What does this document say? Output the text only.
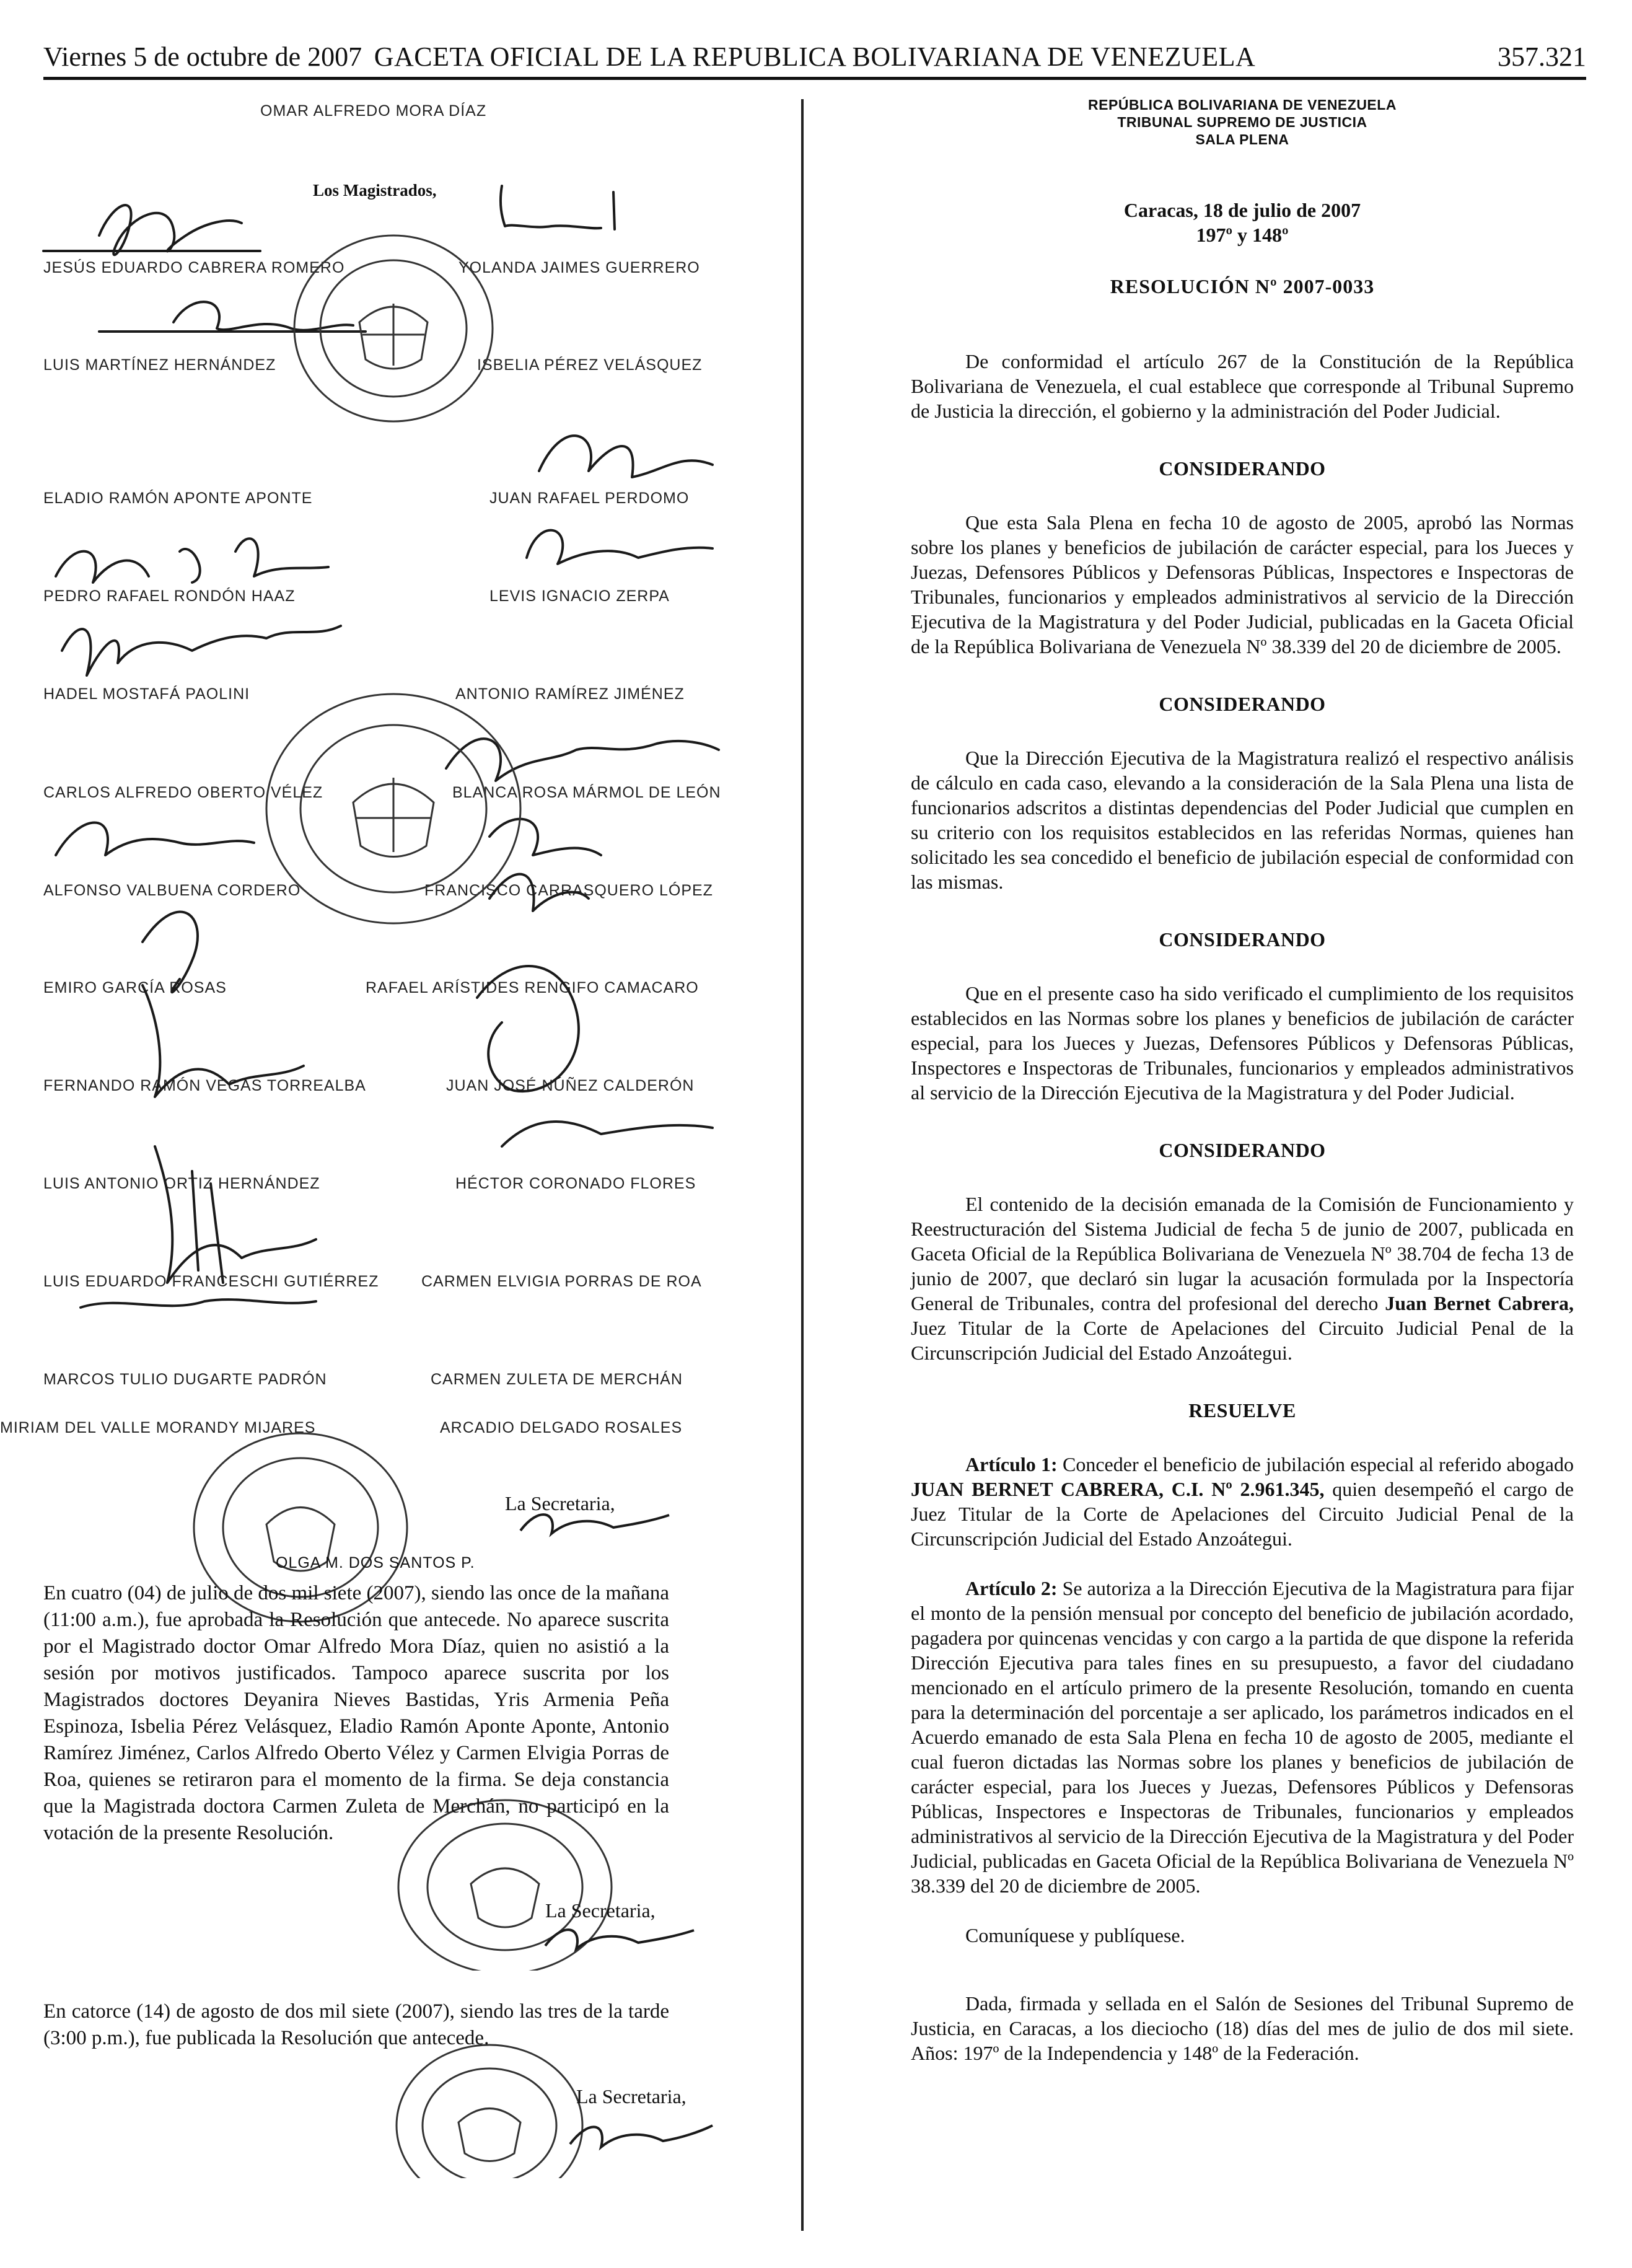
Viernes 5 de octubre de 2007 GACETA OFICIAL DE LA REPUBLICA BOLIVARIANA DE VENEZUELA	357.321
OMAR ALFREDO MORA DÍAZ
Los Magistrados,
JESÚS EDUARDO CABRERA ROMERO	YOLANDA JAIMES GUERRERO
LUIS MARTÍNEZ HERNÁNDEZ	ISBELIA PÉREZ VELÁSQUEZ
ELADIO RAMÓN APONTE APONTE	JUAN RAFAEL PERDOMO
PEDRO RAFAEL RONDÓN HAAZ	LEVIS IGNACIO ZERPA
HADEL MOSTAFÁ PAOLINI	ANTONIO RAMÍREZ JIMÉNEZ
CARLOS ALFREDO OBERTO VÉLEZ	BLANCA ROSA MÁRMOL DE LEÓN
ALFONSO VALBUENA CORDERO	FRANCISCO CARRASQUERO LÓPEZ
EMIRO GARCÍA ROSAS	RAFAEL ARÍSTIDES RENGIFO CAMACARO
FERNANDO RAMÓN VEGAS TORREALBA	JUAN JOSÉ NÚÑEZ CALDERÓN
LUIS ANTONIO ORTIZ HERNÁNDEZ	HÉCTOR CORONADO FLORES
LUIS EDUARDO FRANCESCHI GUTIÉRREZ	CARMEN ELVIGIA PORRAS DE ROA
MARCOS TULIO DUGARTE PADRÓN	CARMEN ZULETA DE MERCHÁN
MIRIAM DEL VALLE MORANDY MIJARES	ARCADIO DELGADO ROSALES
La Secretaria,
OLGA M. DOS SANTOS P.
En cuatro (04) de julio de dos mil siete (2007), siendo las once de la mañana (11:00 a.m.), fue aprobada la Resolución que antecede. No aparece suscrita por el Magistrado doctor Omar Alfredo Mora Díaz, quien no asistió a la sesión por motivos justificados. Tampoco aparece suscrita por los Magistrados doctores Deyanira Nieves Bastidas, Yris Armenia Peña Espinoza, Isbelia Pérez Velásquez, Eladio Ramón Aponte Aponte, Antonio Ramírez Jiménez, Carlos Alfredo Oberto Vélez y Carmen Elvigia Porras de Roa, quienes se retiraron para el momento de la firma. Se deja constancia que la Magistrada doctora Carmen Zuleta de Merchán, no participó en la votación de la presente Resolución.
La Secretaria,
En catorce (14) de agosto de dos mil siete (2007), siendo las tres de la tarde (3:00 p.m.), fue publicada la Resolución que antecede.
La Secretaria,
REPÚBLICA BOLIVARIANA DE VENEZUELA
TRIBUNAL SUPREMO DE JUSTICIA
SALA PLENA
Caracas, 18 de julio de 2007
197º y 148º
RESOLUCIÓN Nº 2007-0033

De conformidad el artículo 267 de la Constitución de la República Bolivariana de Venezuela, el cual establece que corresponde al Tribunal Supremo de Justicia la dirección, el gobierno y la administración del Poder Judicial.

CONSIDERANDO

Que esta Sala Plena en fecha 10 de agosto de 2005, aprobó las Normas sobre los planes y beneficios de jubilación de carácter especial, para los Jueces y Juezas, Defensores Públicos y Defensoras Públicas, Inspectores e Inspectoras de Tribunales, funcionarios y empleados administrativos al servicio de la Dirección Ejecutiva de la Magistratura y del Poder Judicial, publicadas en la Gaceta Oficial de la República Bolivariana de Venezuela Nº 38.339 del 20 de diciembre de 2005.

CONSIDERANDO

Que la Dirección Ejecutiva de la Magistratura realizó el respectivo análisis de cálculo en cada caso, elevando a la consideración de la Sala Plena una lista de funcionarios adscritos a distintas dependencias del Poder Judicial que cumplen en su criterio con los requisitos establecidos en las referidas Normas, quienes han solicitado les sea concedido el beneficio de jubilación especial de conformidad con las mismas.

CONSIDERANDO

Que en el presente caso ha sido verificado el cumplimiento de los requisitos establecidos en las Normas sobre los planes y beneficios de jubilación de carácter especial, para los Jueces y Juezas, Defensores Públicos y Defensoras Públicas, Inspectores e Inspectoras de Tribunales, funcionarios y empleados administrativos al servicio de la Dirección Ejecutiva de la Magistratura y del Poder Judicial.

CONSIDERANDO

El contenido de la decisión emanada de la Comisión de Funcionamiento y Reestructuración del Sistema Judicial de fecha 5 de junio de 2007, publicada en Gaceta Oficial de la República Bolivariana de Venezuela Nº 38.704 de fecha 13 de junio de 2007, que declaró sin lugar la acusación formulada por la Inspectoría General de Tribunales, contra del profesional del derecho Juan Bernet Cabrera, Juez Titular de la Corte de Apelaciones del Circuito Judicial Penal de la Circunscripción Judicial del Estado Anzoátegui.

RESUELVE

Artículo 1: Conceder el beneficio de jubilación especial al referido abogado JUAN BERNET CABRERA, C.I. Nº 2.961.345, quien desempeñó el cargo de Juez Titular de la Corte de Apelaciones del Circuito Judicial Penal de la Circunscripción Judicial del Estado Anzoátegui.

Artículo 2: Se autoriza a la Dirección Ejecutiva de la Magistratura para fijar el monto de la pensión mensual por concepto del beneficio de jubilación acordado, pagadera por quincenas vencidas y con cargo a la partida de que dispone la referida Dirección Ejecutiva para tales fines en su presupuesto, a favor del ciudadano mencionado en el artículo primero de la presente Resolución, tomando en cuenta para la determinación del porcentaje a ser aplicado, los parámetros indicados en el Acuerdo emanado de esta Sala Plena en fecha 10 de agosto de 2005, mediante el cual fueron dictadas las Normas sobre los planes y beneficios de jubilación de carácter especial, para los Jueces y Juezas, Defensores Públicos y Defensoras Públicas, Inspectores e Inspectoras de Tribunales, funcionarios y empleados administrativos al servicio de la Dirección Ejecutiva de la Magistratura y del Poder Judicial, publicadas en Gaceta Oficial de la República Bolivariana de Venezuela Nº 38.339 del 20 de diciembre de 2005.

Comuníquese y publíquese.

Dada, firmada y sellada en el Salón de Sesiones del Tribunal Supremo de Justicia, en Caracas, a los dieciocho (18) días del mes de julio de dos mil siete. Años: 197º de la Independencia y 148º de la Federación.
